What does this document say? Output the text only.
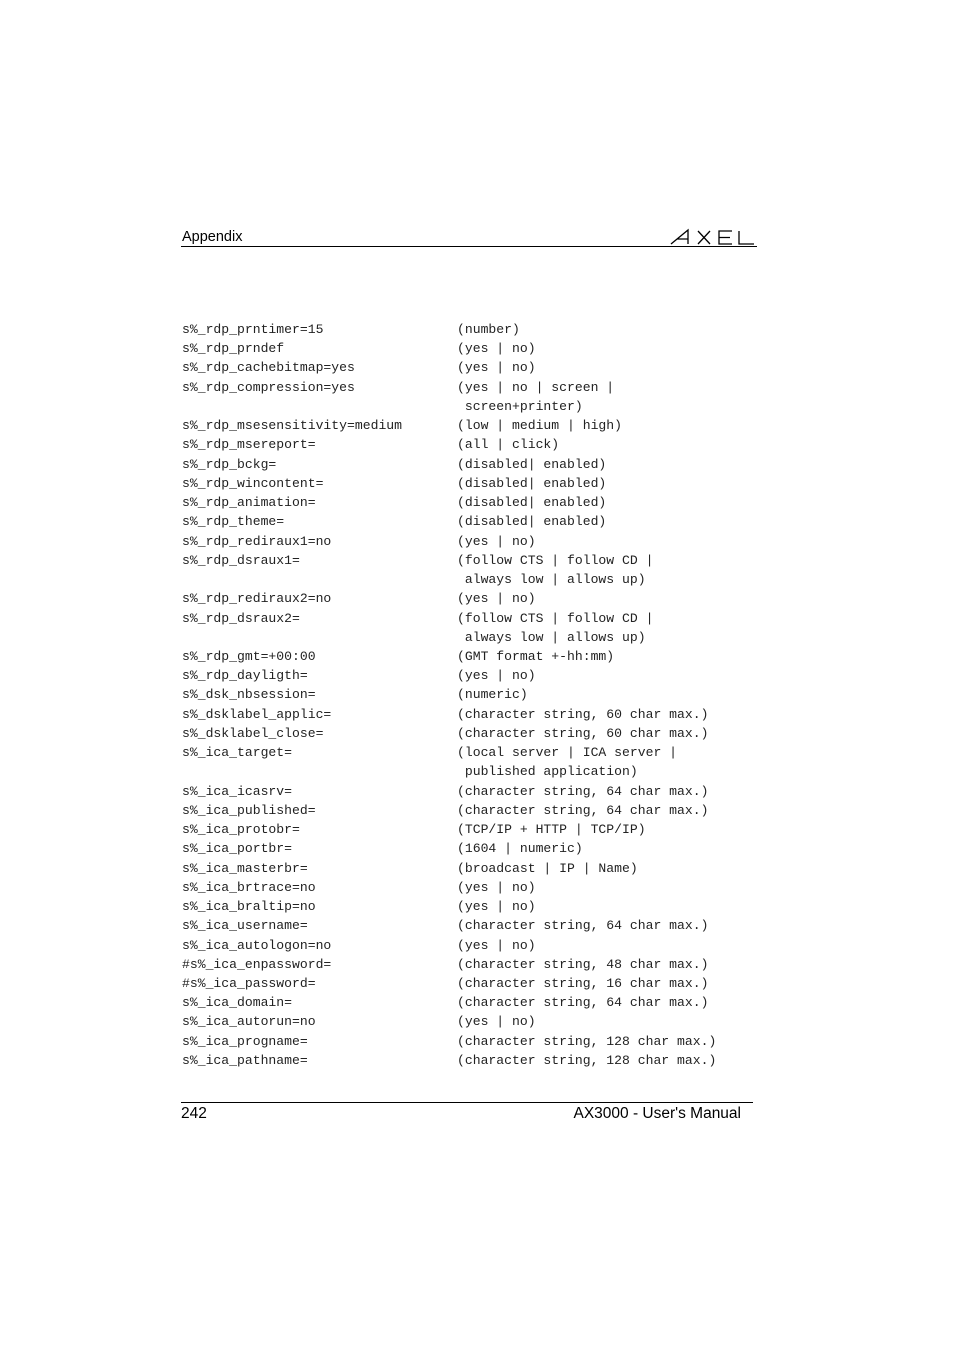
Appendix
s%_rdp_prntimer=15	(number)
s%_rdp_prndef	(yes | no)
s%_rdp_cachebitmap=yes	(yes | no)
s%_rdp_compression=yes	(yes | no | screen |
screen+printer)
s%_rdp_msesensitivity=medium	(low | medium | high)
s%_rdp_msereport=	(all | click)
s%_rdp_bckg=	(disabled| enabled)
s%_rdp_wincontent=	(disabled| enabled)
s%_rdp_animation=	(disabled| enabled)
s%_rdp_theme=	(disabled| enabled)
s%_rdp_rediraux1=no	(yes | no)
s%_rdp_dsraux1=	(follow CTS | follow CD |
always low | allows up)
s%_rdp_rediraux2=no	(yes | no)
s%_rdp_dsraux2=	(follow CTS | follow CD |
always low | allows up)
s%_rdp_gmt=+00:00	(GMT format +-hh:mm)
s%_rdp_dayligth=	(yes | no)
s%_dsk_nbsession=	(numeric)
s%_dsklabel_applic=	(character string, 60 char max.)
s%_dsklabel_close=	(character string, 60 char max.)
s%_ica_target=	(local server | ICA server |
published application)
s%_ica_icasrv=	(character string, 64 char max.)
s%_ica_published=	(character string, 64 char max.)
s%_ica_protobr=	(TCP/IP + HTTP | TCP/IP)
s%_ica_portbr=	(1604 | numeric)
s%_ica_masterbr=	(broadcast | IP | Name)
s%_ica_brtrace=no	(yes | no)
s%_ica_braltip=no	(yes | no)
s%_ica_username=	(character string, 64 char max.)
s%_ica_autologon=no	(yes | no)
#s%_ica_enpassword=	(character string, 48 char max.)
#s%_ica_password=	(character string, 16 char max.)
s%_ica_domain=	(character string, 64 char max.)
s%_ica_autorun=no	(yes | no)
s%_ica_progname=	(character string, 128 char max.)
s%_ica_pathname=	(character string, 128 char max.)
242	AX3000 - User's Manual
